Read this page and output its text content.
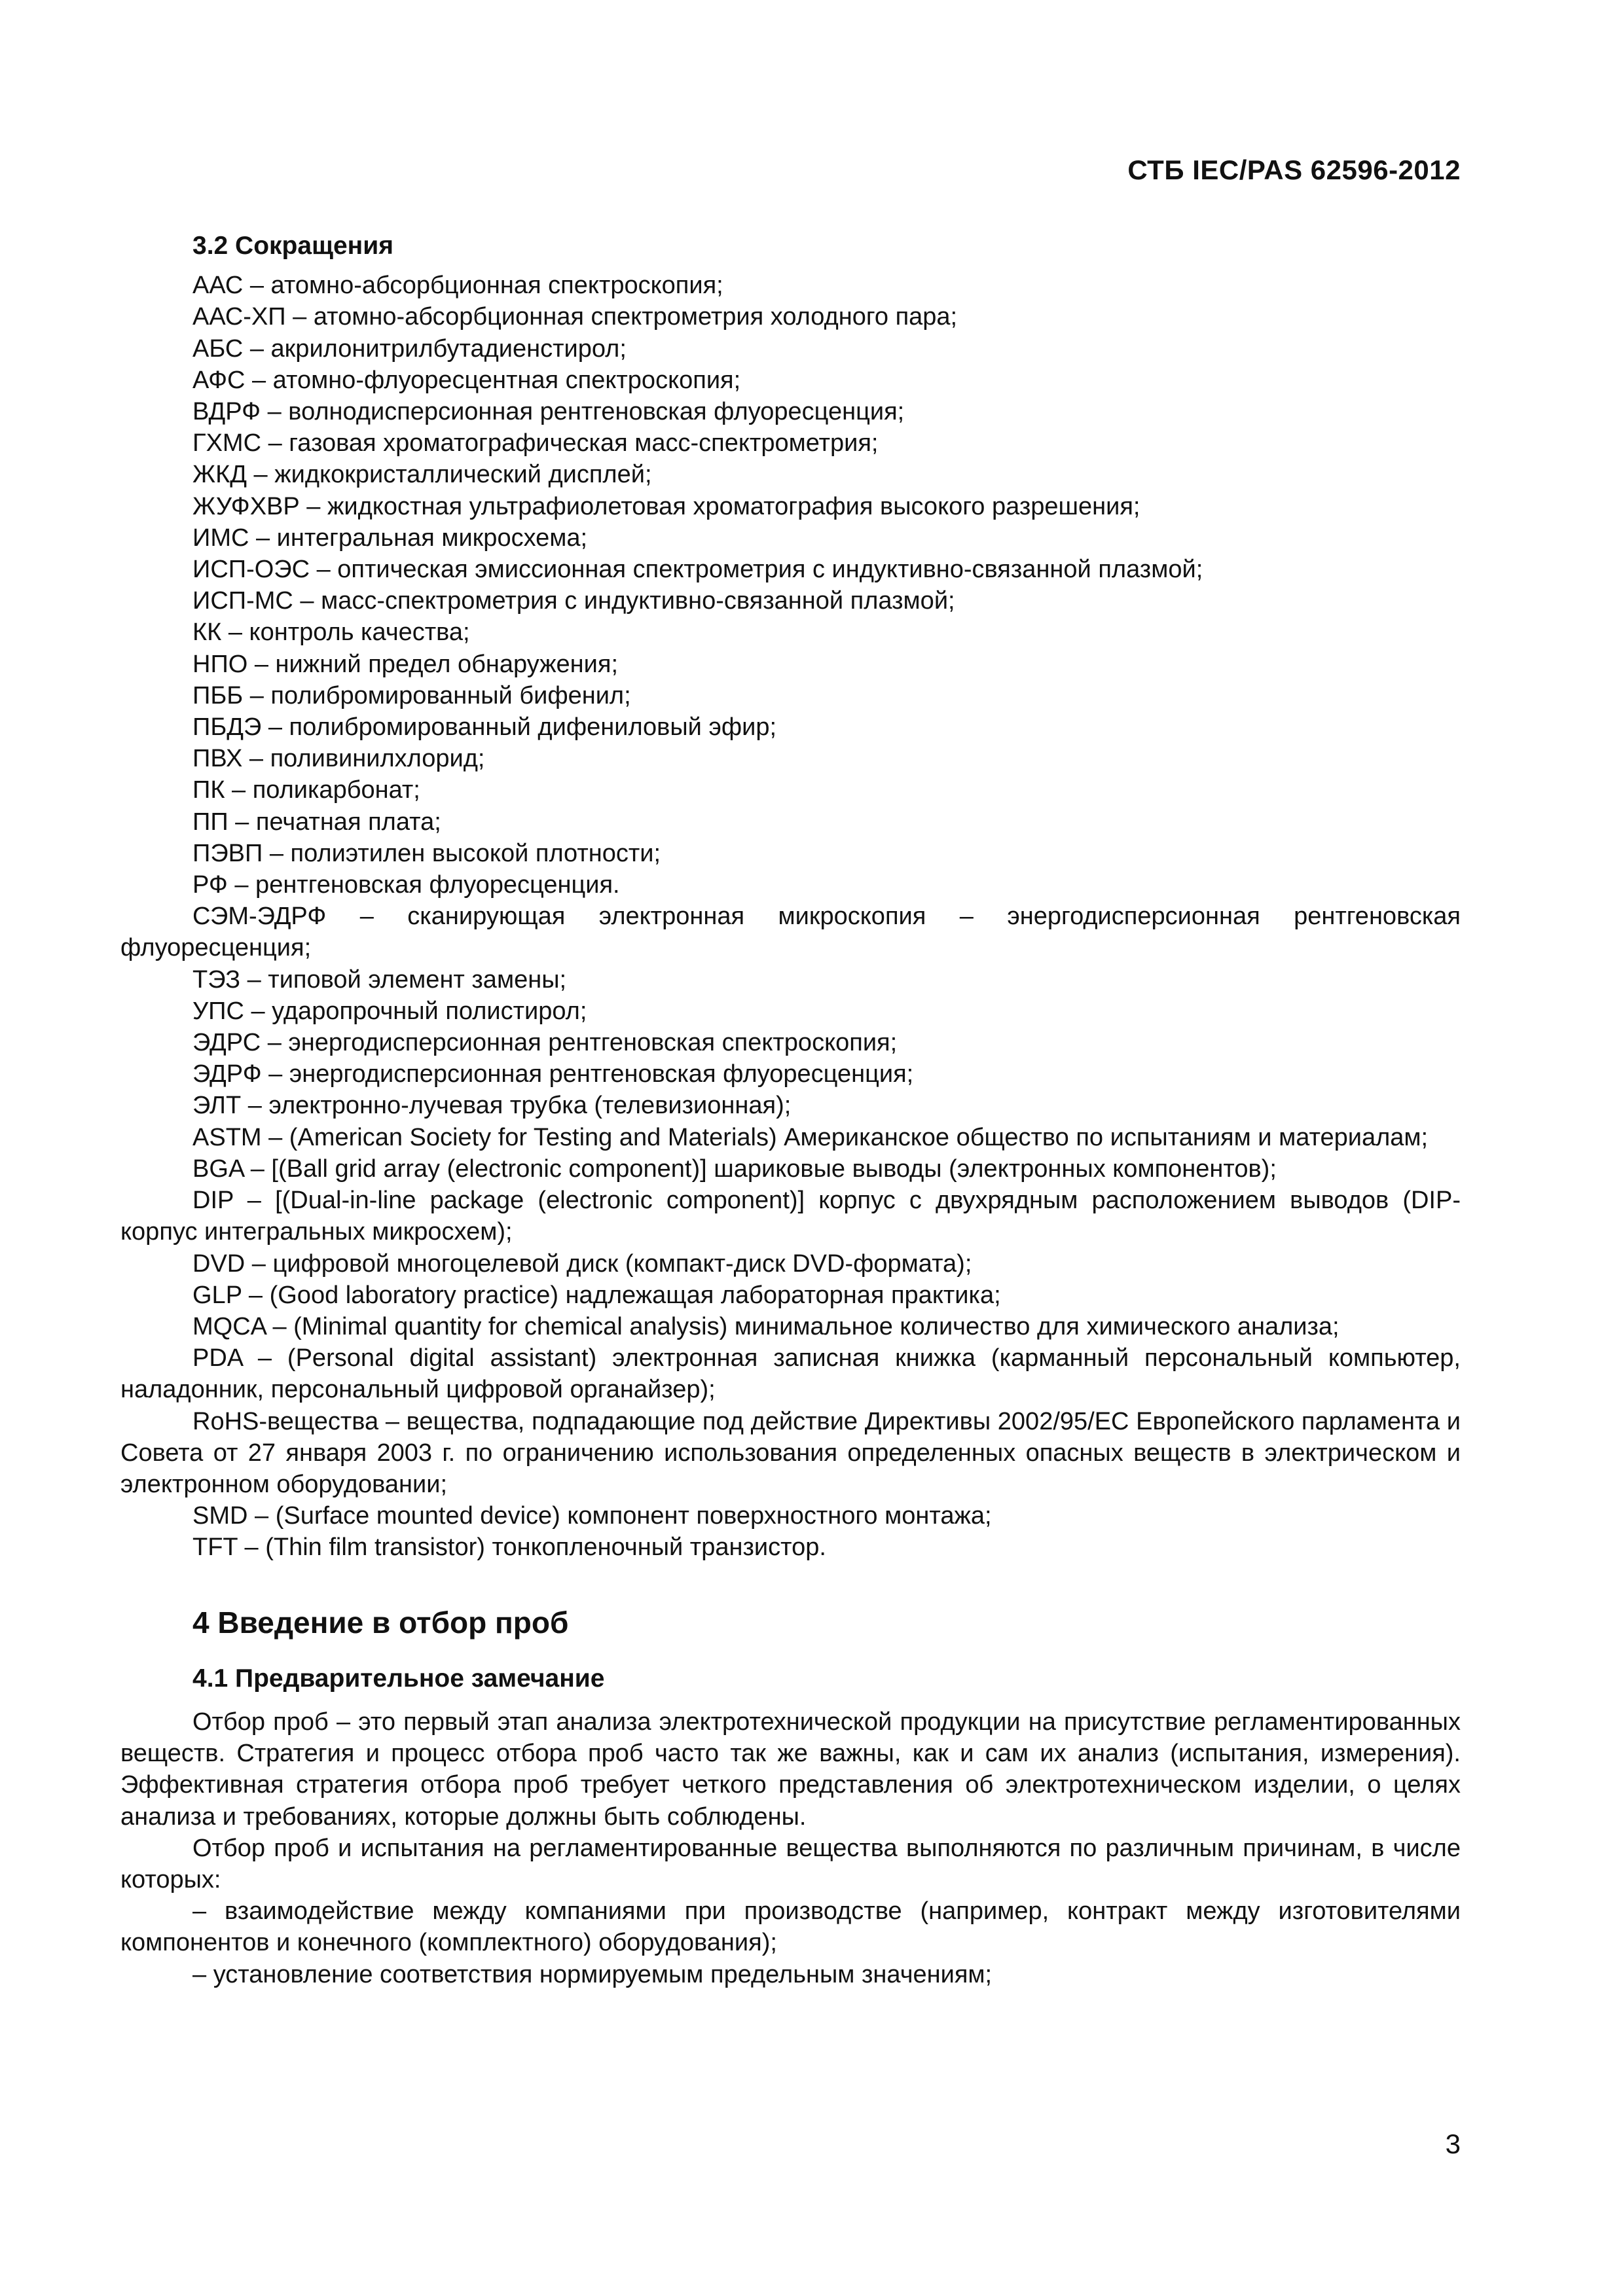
СТБ IEC/PAS 62596-2012
3.2 Сокращения

ААС – атомно-абсорбционная спектроскопия;

ААС-ХП – атомно-абсорбционная спектрометрия холодного пара;

АБС – акрилонитрилбутадиенстирол;

АФС – атомно-флуоресцентная спектроскопия;

ВДРФ – волнодисперсионная рентгеновская флуоресценция;

ГХМС – газовая хроматографическая масс-спектрометрия;

ЖКД – жидкокристаллический дисплей;

ЖУФХВР – жидкостная ультрафиолетовая хроматография высокого разрешения;

ИМС – интегральная микросхема;

ИСП-ОЭС – оптическая эмиссионная спектрометрия с индуктивно-связанной плазмой;

ИСП-МС – масс-спектрометрия с индуктивно-связанной плазмой;

КК – контроль качества;

НПО – нижний предел обнаружения;

ПББ – полибромированный бифенил;

ПБДЭ – полибромированный дифениловый эфир;

ПВХ – поливинилхлорид;

ПК – поликарбонат;

ПП – печатная плата;

ПЭВП – полиэтилен высокой плотности;

РФ – рентгеновская флуоресценция.

СЭМ-ЭДРФ – сканирующая электронная микроскопия – энергодисперсионная рентгеновская флуоресценция;

ТЭЗ – типовой элемент замены;

УПС – ударопрочный полистирол;

ЭДРС – энергодисперсионная рентгеновская спектроскопия;

ЭДРФ – энергодисперсионная рентгеновская флуоресценция;

ЭЛТ – электронно-лучевая трубка (телевизионная);

ASTM – (American Society for Testing and Materials) Американское общество по испытаниям и материалам;

BGA – [(Ball grid array (electronic component)] шариковые выводы (электронных компонентов);

DIP – [(Dual-in-line package (electronic component)] корпус с двухрядным расположением выводов (DIP-корпус интегральных микросхем);

DVD – цифровой многоцелевой диск (компакт-диск DVD-формата);

GLP – (Good laboratory practice) надлежащая лабораторная практика;

MQCA – (Minimal quantity for chemical analysis) минимальное количество для химического анализа;

PDA – (Personal digital assistant) электронная записная книжка (карманный персональный компьютер, наладонник, персональный цифровой органайзер);

RoHS-вещества – вещества, подпадающие под действие Директивы 2002/95/EC Европейского парламента и Совета от 27 января 2003 г. по ограничению использования определенных опасных веществ в электрическом и электронном оборудовании;

SMD – (Surface mounted device) компонент поверхностного монтажа;

TFT – (Thin film transistor) тонкопленочный транзистор.

4 Введение в отбор проб
4.1 Предварительное замечание

Отбор проб – это первый этап анализа электротехнической продукции на присутствие регламентированных веществ. Стратегия и процесс отбора проб часто так же важны, как и сам их анализ (испытания, измерения). Эффективная стратегия отбора проб требует четкого представления об электротехническом изделии, о целях анализа и требованиях, которые должны быть соблюдены.

Отбор проб и испытания на регламентированные вещества выполняются по различным причинам, в числе которых:

– взаимодействие между компаниями при производстве (например, контракт между изготовителями компонентов и конечного (комплектного) оборудования);

– установление соответствия нормируемым предельным значениям;

3
